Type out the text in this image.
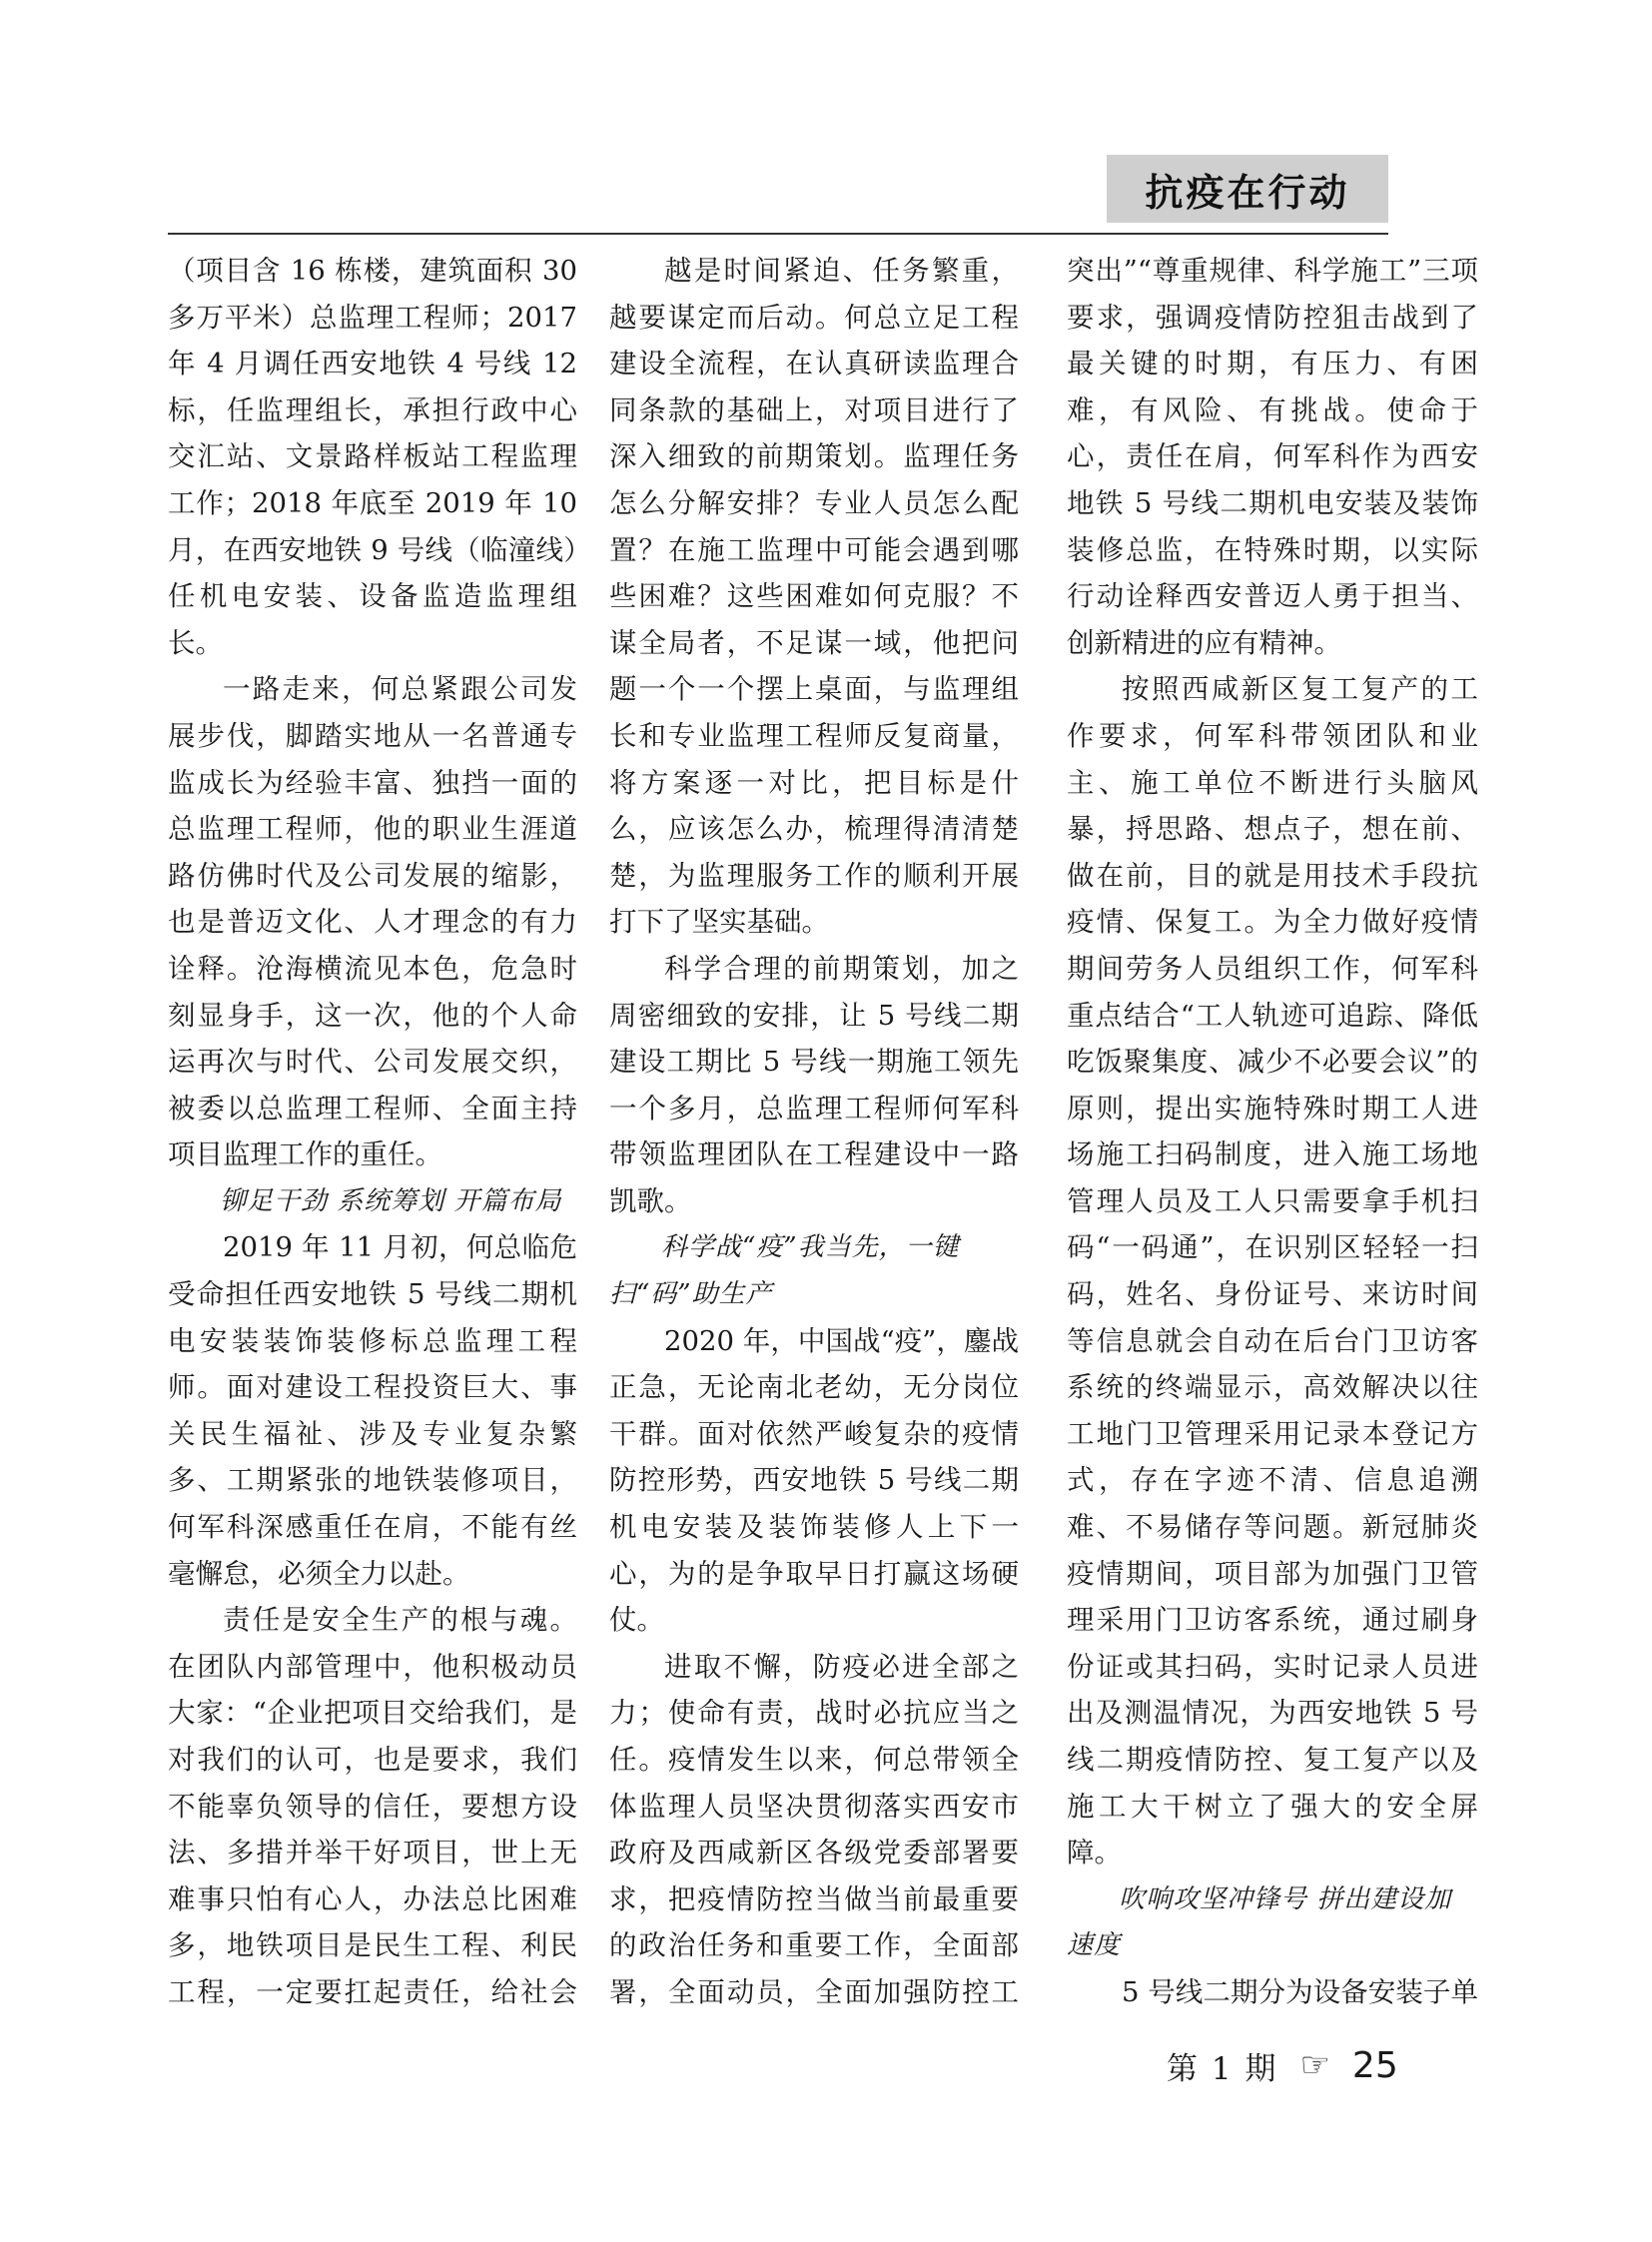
抗疫在行动

（项目含 16 栋楼，建筑面积 30 多万平米）总监理工程师；2017 年 4 月调任西安地铁 4 号线 12 标，任监理组长，承担行政中心交汇站、文景路样板站工程监理工作；2018 年底至 2019 年 10 月，在西安地铁 9 号线（临潼线）任机电安装、设备监造监理组长。

一路走来，何总紧跟公司发展步伐，脚踏实地从一名普通专监成长为经验丰富、独挡一面的总监理工程师，他的职业生涯道路仿佛时代及公司发展的缩影，也是普迈文化、人才理念的有力诠释。沧海横流见本色，危急时刻显身手，这一次，他的个人命运再次与时代、公司发展交织，被委以总监理工程师、全面主持项目监理工作的重任。

铆足干劲 系统筹划 开篇布局

2019 年 11 月初，何总临危受命担任西安地铁 5 号线二期机电安装装饰装修标总监理工程师。面对建设工程投资巨大、事关民生福祉、涉及专业复杂繁多、工期紧张的地铁装修项目，何军科深感重任在肩，不能有丝毫懈怠，必须全力以赴。

责任是安全生产的根与魂。在团队内部管理中，他积极动员大家：“企业把项目交给我们，是对我们的认可，也是要求，我们不能辜负领导的信任，要想方设法、多措并举干好项目，世上无难事只怕有心人，办法总比困难多，地铁项目是民生工程、利民工程，一定要扛起责任，给社会

越是时间紧迫、任务繁重，越要谋定而后动。何总立足工程建设全流程，在认真研读监理合同条款的基础上，对项目进行了深入细致的前期策划。监理任务怎么分解安排？专业人员怎么配置？在施工监理中可能会遇到哪些困难？这些困难如何克服？不谋全局者，不足谋一域，他把问题一个一个摆上桌面，与监理组长和专业监理工程师反复商量，将方案逐一对比，把目标是什么，应该怎么办，梳理得清清楚楚，为监理服务工作的顺利开展打下了坚实基础。

科学合理的前期策划，加之周密细致的安排，让 5 号线二期建设工期比 5 号线一期施工领先一个多月，总监理工程师何军科带领监理团队在工程建设中一路凯歌。

科学战“疫”我当先，一键扫“码”助生产

2020 年，中国战“疫”，鏖战正急，无论南北老幼，无分岗位干群。面对依然严峻复杂的疫情防控形势，西安地铁 5 号线二期机电安装及装饰装修人上下一心，为的是争取早日打赢这场硬仗。

进取不懈，防疫必进全部之力；使命有责，战时必抗应当之任。疫情发生以来，何总带领全体监理人员坚决贯彻落实西安市政府及西咸新区各级党委部署要求，把疫情防控当做当前最重要的政治任务和重要工作，全面部署，全面动员，全面加强防控工

突出”“尊重规律、科学施工”三项要求，强调疫情防控狙击战到了最关键的时期，有压力、有困难，有风险、有挑战。使命于心，责任在肩，何军科作为西安地铁 5 号线二期机电安装及装饰装修总监，在特殊时期，以实际行动诠释西安普迈人勇于担当、创新精进的应有精神。

按照西咸新区复工复产的工作要求，何军科带领团队和业主、施工单位不断进行头脑风暴，捋思路、想点子，想在前、做在前，目的就是用技术手段抗疫情、保复工。为全力做好疫情期间劳务人员组织工作，何军科重点结合“工人轨迹可追踪、降低吃饭聚集度、减少不必要会议”的原则，提出实施特殊时期工人进场施工扫码制度，进入施工场地管理人员及工人只需要拿手机扫码“一码通”，在识别区轻轻一扫码，姓名、身份证号、来访时间等信息就会自动在后台门卫访客系统的终端显示，高效解决以往工地门卫管理采用记录本登记方式，存在字迹不清、信息追溯难、不易储存等问题。新冠肺炎疫情期间，项目部为加强门卫管理采用门卫访客系统，通过刷身份证或其扫码，实时记录人员进出及测温情况，为西安地铁 5 号线二期疫情防控、复工复产以及施工大干树立了强大的安全屏障。

吹响攻坚冲锋号 拼出建设加速度

5 号线二期分为设备安装子单

第 1 期 ☞ 25
